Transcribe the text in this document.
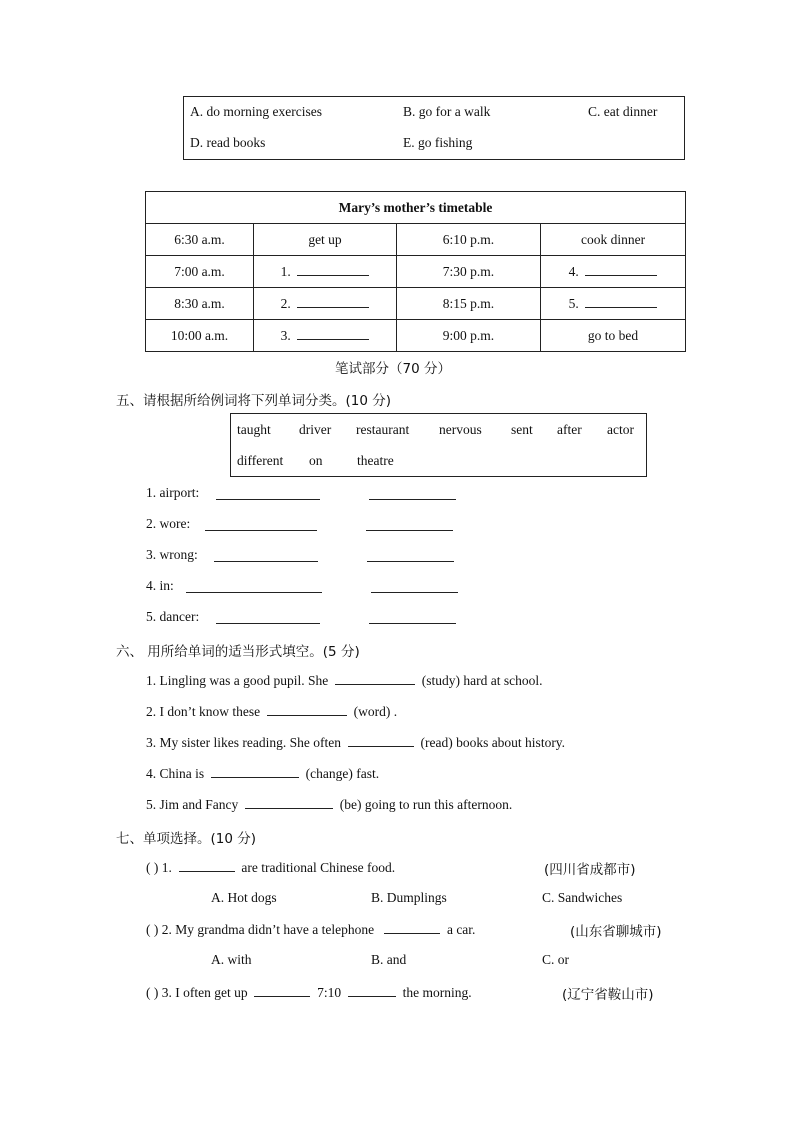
A. do morning exercises	B. go for a walk	C. eat dinner
D. read books	E. go fishing
Mary’s mother’s timetable			
6:30 a.m.	get up	6:10 p.m.	cook dinner
7:00 a.m.	1.	7:30 p.m.	4.
8:30 a.m.	2.	8:15 p.m.	5.
10:00 a.m.	3.	9:00 p.m.	go to bed
笔试部分（70 分）
五、请根据所给例词将下列单词分类。(10 分)
taught driver restaurant nervous sent after actor
different on	theatre
1. airport:
2. wore:
3. wrong:
4. in:
5. dancer:
六、 用所给单词的适当形式填空。(5 分)
1. Lingling was a good pupil. She	(study) hard at school.
2. I don’t know these	(word) .
3. My sister likes reading. She often	(read) books about history.
4. China is	(change) fast.
5. Jim and Fancy	(be) going to run this afternoon.
七、单项选择。(10 分)
( ) 1.	are traditional Chinese food.	(四川省成都市)
A. Hot dogs	B. Dumplings	C. Sandwiches
( ) 2. My grandma didn’t have a telephone	a car.	(山东省聊城市)
A. with	B. and	C. or
( ) 3. I often get up	7:10	the morning.	(辽宁省鞍山市)
